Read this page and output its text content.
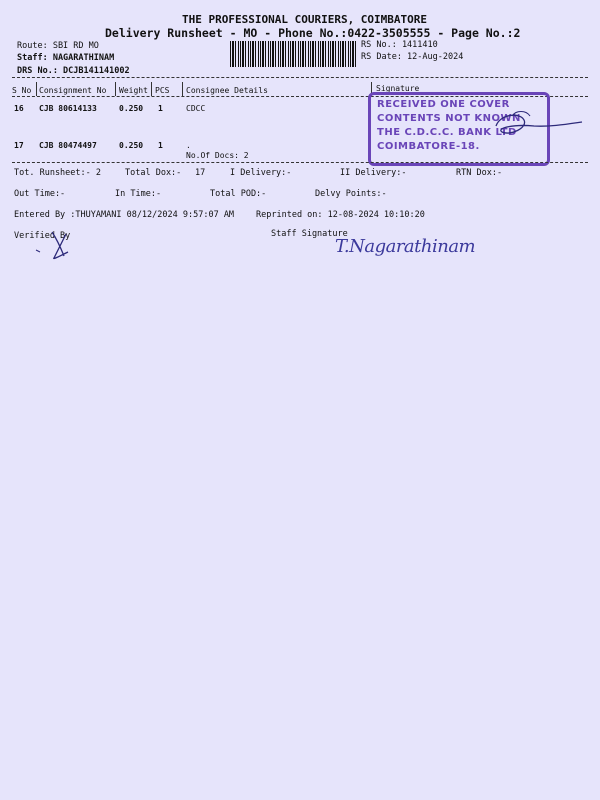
THE PROFESSIONAL COURIERS, COIMBATORE
Delivery Runsheet - MO - Phone No.:0422-3505555 - Page No.:2
Route: SBI RD MO
Staff: NAGARATHINAM
DRS No.: DCJB141141002
RS No.: 1411410
RS Date: 12-Aug-2024
S No Consignment No Weight PCS Consignee Details	Signature
16 CJB 80614133	0.250 1	CDCC
17 CJB 80474497	0.250 1	.
No.Of Docs: 2
RECEIVED ONE COVER
CONTENTS NOT KNOWN
THE C.D.C.C. BANK LTD
COIMBATORE-18.
Tot. Runsheet:- 2	Total Dox:- 17	I Delivery:-	II Delivery:-	RTN Dox:-
Out Time:-	In Time:-	Total POD:-	Delvy Points:-
Entered By :THUYAMANI 08/12/2024 9:57:07 AM	Reprinted on: 12-08-2024 10:10:20
Verified By	Staff Signature
T.Nagarathinam
